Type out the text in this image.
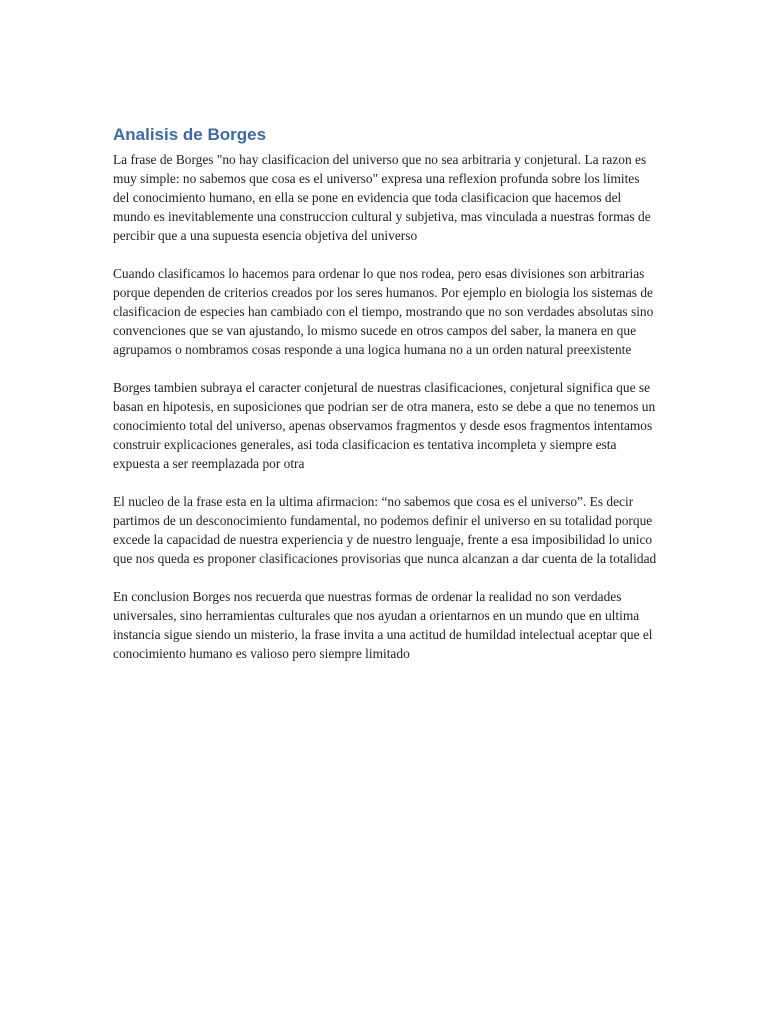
Analisis de Borges

La frase de Borges "no hay clasificacion del universo que no sea arbitraria y conjetural. La razon es muy simple: no sabemos que cosa es el universo" expresa una reflexion profunda sobre los limites del conocimiento humano, en ella se pone en evidencia que toda clasificacion que hacemos del mundo es inevitablemente una construccion cultural y subjetiva, mas vinculada a nuestras formas de percibir que a una supuesta esencia objetiva del universo

Cuando clasificamos lo hacemos para ordenar lo que nos rodea, pero esas divisiones son arbitrarias porque dependen de criterios creados por los seres humanos. Por ejemplo en biologia los sistemas de clasificacion de especies han cambiado con el tiempo, mostrando que no son verdades absolutas sino convenciones que se van ajustando, lo mismo sucede en otros campos del saber, la manera en que agrupamos o nombramos cosas responde a una logica humana no a un orden natural preexistente

Borges tambien subraya el caracter conjetural de nuestras clasificaciones, conjetural significa que se basan en hipotesis, en suposiciones que podrian ser de otra manera, esto se debe a que no tenemos un conocimiento total del universo, apenas observamos fragmentos y desde esos fragmentos intentamos construir explicaciones generales, asi toda clasificacion es tentativa incompleta y siempre esta expuesta a ser reemplazada por otra

El nucleo de la frase esta en la ultima afirmacion: “no sabemos que cosa es el universo”. Es decir partimos de un desconocimiento fundamental, no podemos definir el universo en su totalidad porque excede la capacidad de nuestra experiencia y de nuestro lenguaje, frente a esa imposibilidad lo unico que nos queda es proponer clasificaciones provisorias que nunca alcanzan a dar cuenta de la totalidad

En conclusion Borges nos recuerda que nuestras formas de ordenar la realidad no son verdades universales, sino herramientas culturales que nos ayudan a orientarnos en un mundo que en ultima instancia sigue siendo un misterio, la frase invita a una actitud de humildad intelectual aceptar que el conocimiento humano es valioso pero siempre limitado
